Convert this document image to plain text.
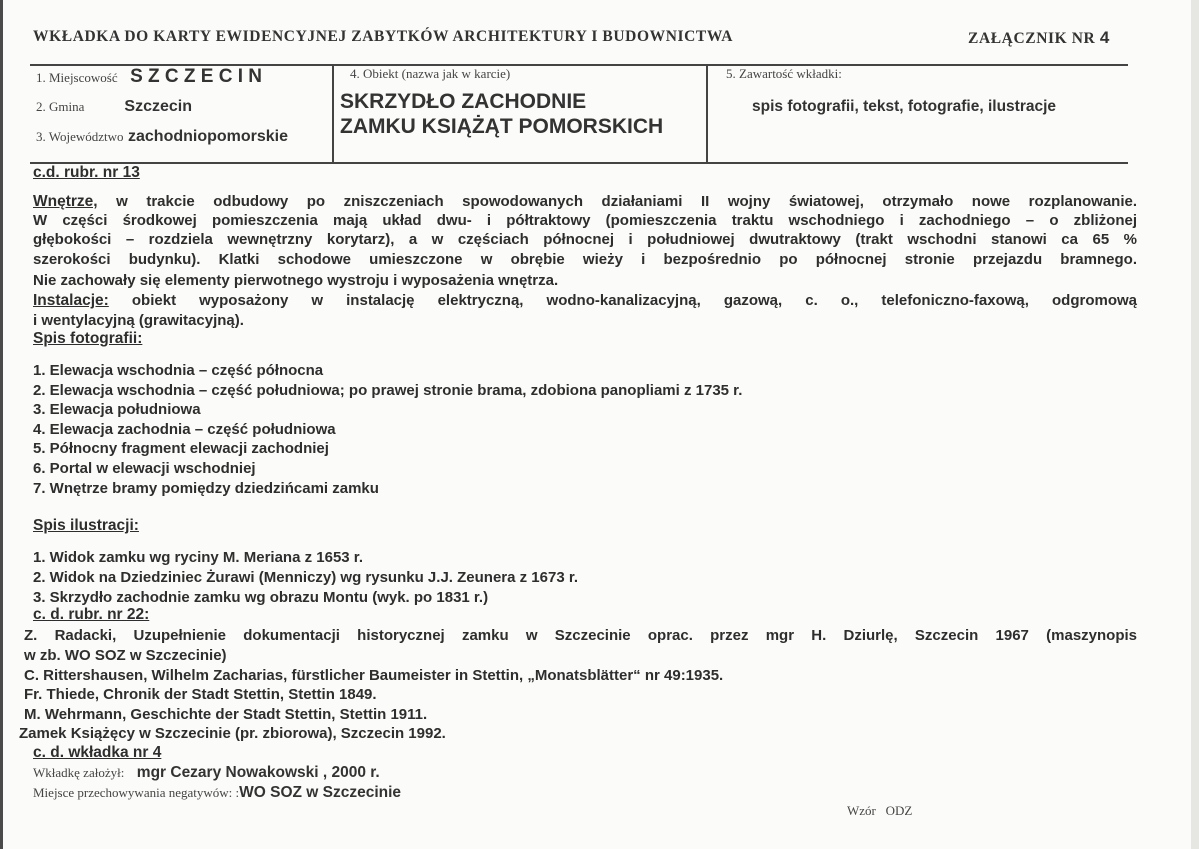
WKŁADKA DO KARTY EWIDENCYJNEJ ZABYTKÓW ARCHITEKTURY I BUDOWNICTWA	ZAŁĄCZNIK NR 4
1. Miejscowość S Z C Z E C I N
2. Gmina	Szczecin
3. Województwo zachodniopomorskie
4. Obiekt (nazwa jak w karcie)
SKRZYDŁO ZACHODNIE
ZAMKU KSIĄŻĄT POMORSKICH
5. Zawartość wkładki:
spis fotografii, tekst, fotografie, ilustracje
c.d. rubr. nr 13
Wnętrze, w trakcie odbudowy po zniszczeniach spowodowanych działaniami II wojny światowej, otrzymało nowe rozplanowanie.
W części środkowej pomieszczenia mają układ dwu- i półtraktowy (pomieszczenia traktu wschodniego i zachodniego – o zbliżonej
głębokości – rozdziela wewnętrzny korytarz), a w częściach północnej i południowej dwutraktowy (trakt wschodni stanowi ca 65 %
szerokości budynku). Klatki schodowe umieszczone w obrębie wieży i bezpośrednio po północnej stronie przejazdu bramnego.
Nie zachowały się elementy pierwotnego wystroju i wyposażenia wnętrza.
Instalacje: obiekt wyposażony w instalację elektryczną, wodno-kanalizacyjną, gazową, c. o., telefoniczno-faxową, odgromową
i wentylacyjną (grawitacyjną).
Spis fotografii:
1. Elewacja wschodnia – część północna
2. Elewacja wschodnia – część południowa; po prawej stronie brama, zdobiona panopliami z 1735 r.
3. Elewacja południowa
4. Elewacja zachodnia – część południowa
5. Północny fragment elewacji zachodniej
6. Portal w elewacji wschodniej
7. Wnętrze bramy pomiędzy dziedzińcami zamku
Spis ilustracji:
1. Widok zamku wg ryciny M. Meriana z 1653 r.
2. Widok na Dziedziniec Żurawi (Menniczy) wg rysunku J.J. Zeunera z 1673 r.
3. Skrzydło zachodnie zamku wg obrazu Montu (wyk. po 1831 r.)
c. d. rubr. nr 22:
Z. Radacki, Uzupełnienie dokumentacji historycznej zamku w Szczecinie oprac. przez mgr H. Dziurlę, Szczecin 1967 (maszynopis
w zb. WO SOZ w Szczecinie)
C. Rittershausen, Wilhelm Zacharias, fürstlicher Baumeister in Stettin, „Monatsblätter“ nr 49:1935.
Fr. Thiede, Chronik der Stadt Stettin, Stettin 1849.
M. Wehrmann, Geschichte der Stadt Stettin, Stettin 1911.
Zamek Książęcy w Szczecinie (pr. zbiorowa), Szczecin 1992.
c. d. wkładka nr 4
Wkładkę założył: mgr Cezary Nowakowski , 2000 r.
Miejsce przechowywania negatywów: :WO SOZ w Szczecinie
Wzór   ODZ
